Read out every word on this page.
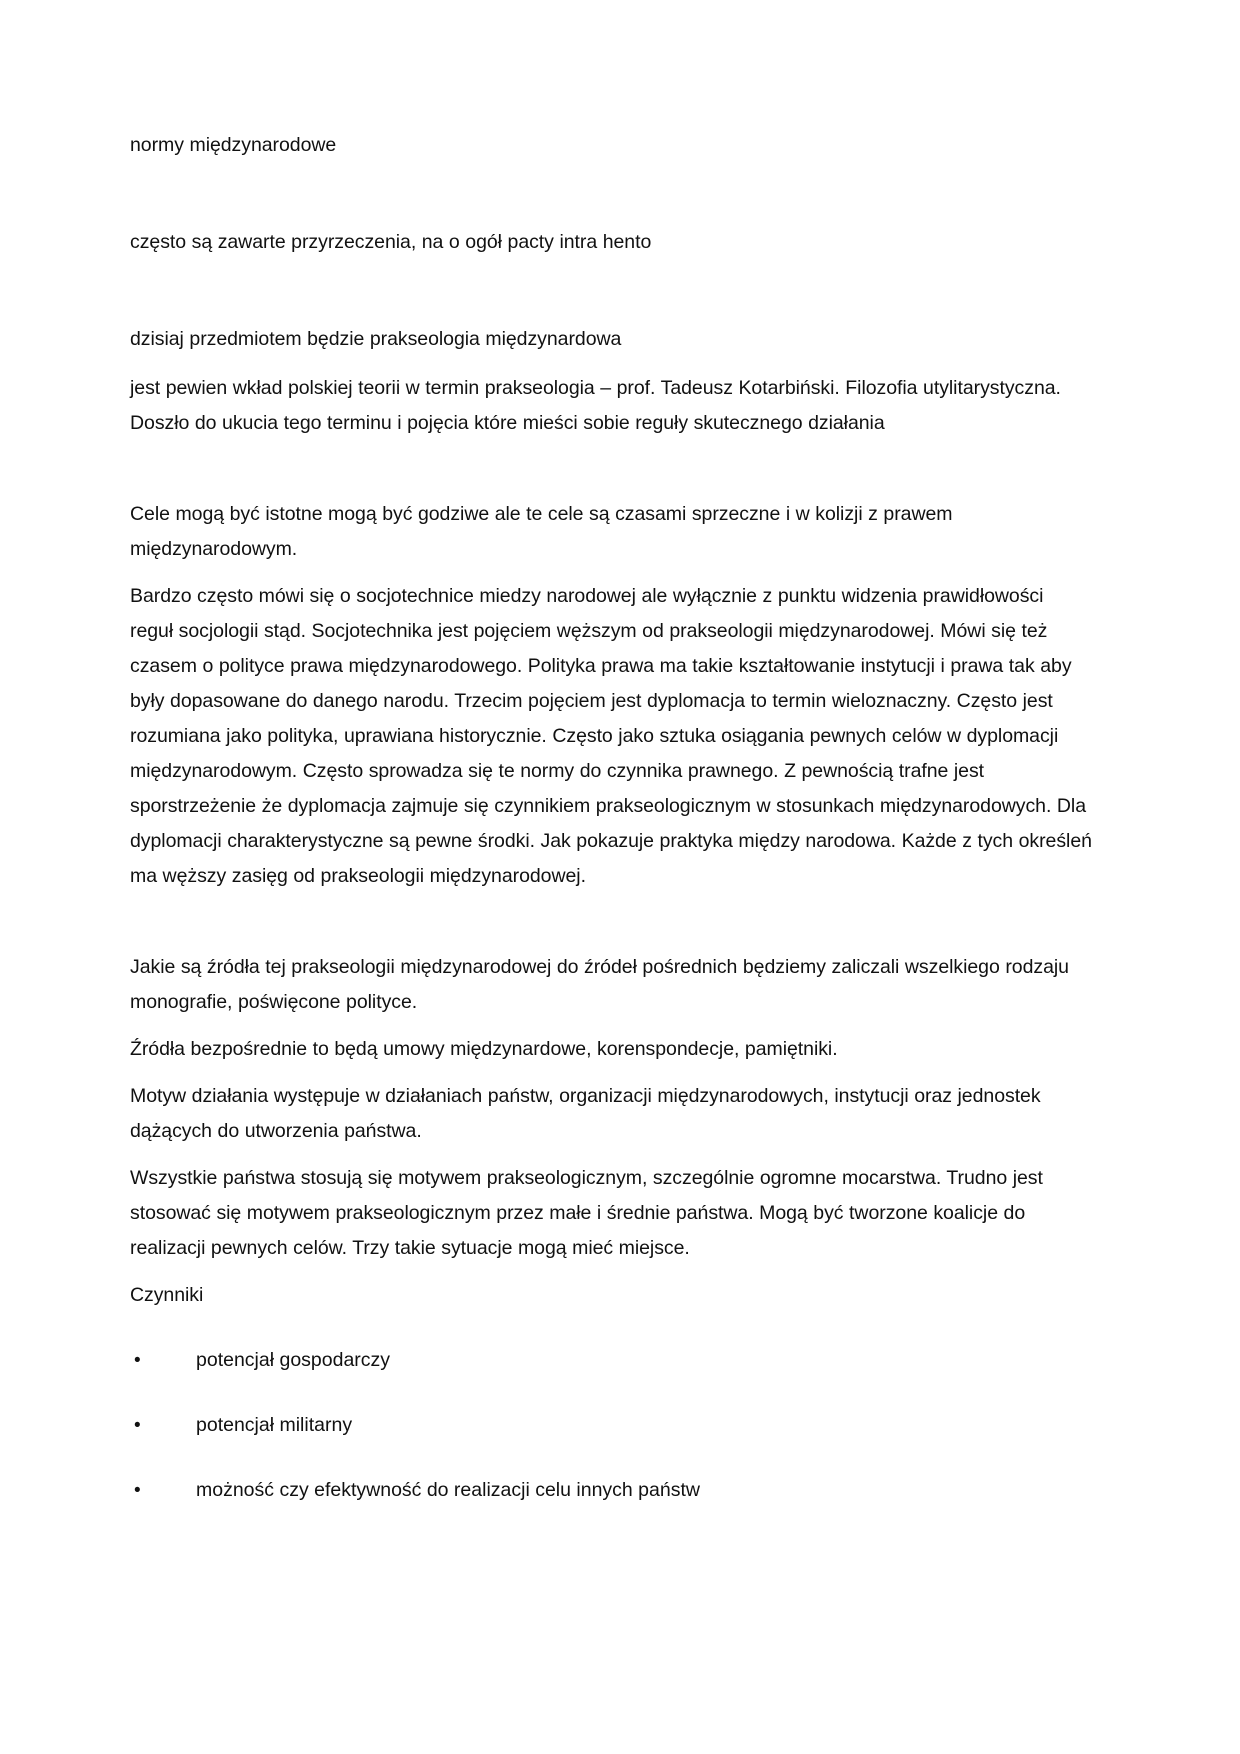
normy międzynarodowe

często są zawarte przyrzeczenia, na o ogół pacty intra hento

dzisiaj przedmiotem będzie prakseologia międzynardowa

jest pewien wkład polskiej teorii w termin prakseologia – prof. Tadeusz Kotarbiński. Filozofia utylitarystyczna. Doszło do ukucia tego terminu i pojęcia które mieści sobie reguły skutecznego działania

Cele mogą być istotne mogą być godziwe ale te cele są czasami sprzeczne i w kolizji z prawem międzynarodowym.

Bardzo często mówi się o socjotechnice miedzy narodowej ale wyłącznie z punktu widzenia prawidłowości reguł socjologii stąd. Socjotechnika jest pojęciem węższym od prakseologii międzynarodowej. Mówi się też czasem o polityce prawa międzynarodowego. Polityka prawa ma takie kształtowanie instytucji i prawa tak aby były dopasowane do danego narodu. Trzecim pojęciem jest dyplomacja to termin wieloznaczny. Często jest rozumiana jako polityka, uprawiana historycznie. Często jako sztuka osiągania pewnych celów w dyplomacji międzynarodowym. Często sprowadza się te normy do czynnika prawnego. Z pewnością trafne jest sporstrzeżenie że dyplomacja zajmuje się czynnikiem prakseologicznym w stosunkach międzynarodowych. Dla dyplomacji charakterystyczne są pewne środki. Jak pokazuje praktyka między narodowa. Każde z tych określeń ma węższy zasięg od prakseologii międzynarodowej.

Jakie są źródła tej prakseologii międzynarodowej do źródeł pośrednich będziemy zaliczali wszelkiego rodzaju monografie, poświęcone polityce.

Źródła bezpośrednie to będą umowy międzynardowe, korenspondecje, pamiętniki.

Motyw działania występuje w działaniach państw, organizacji międzynarodowych, instytucji oraz jednostek dążących do utworzenia państwa.

Wszystkie państwa stosują się motywem prakseologicznym, szczególnie ogromne mocarstwa. Trudno jest stosować się motywem prakseologicznym przez małe i średnie państwa. Mogą być tworzone koalicje do realizacji pewnych celów. Trzy takie sytuacje mogą mieć miejsce.

Czynniki

•	potencjał gospodarczy
•	potencjał militarny
•	możność czy efektywność do realizacji celu innych państw
